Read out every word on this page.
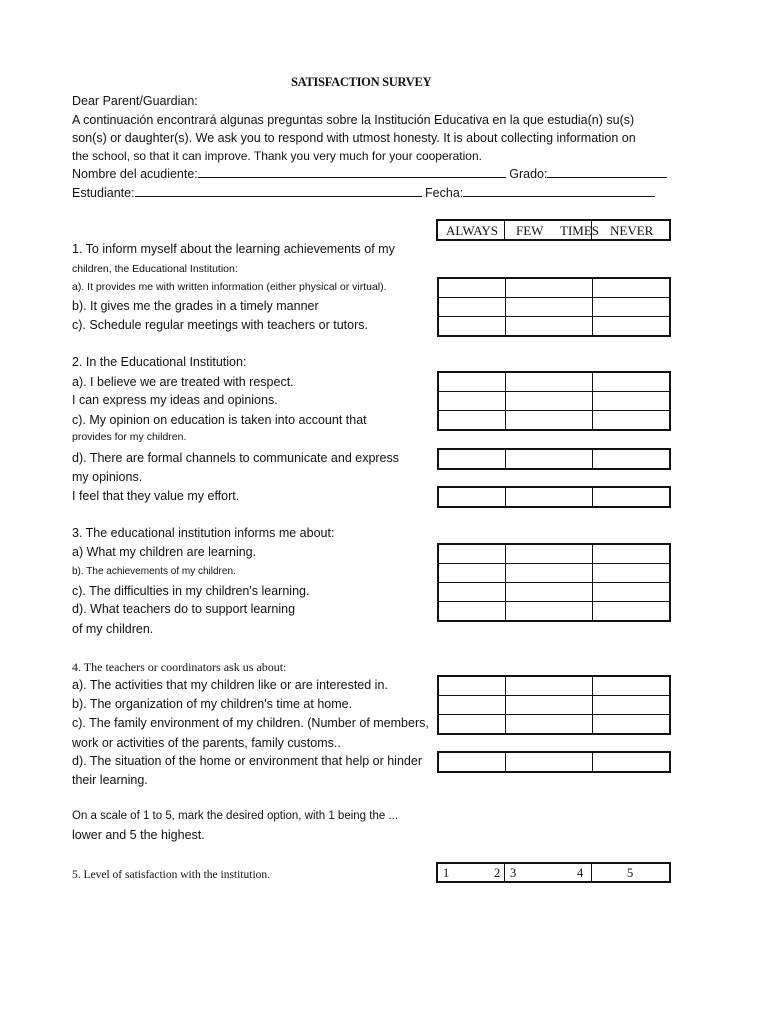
SATISFACTION SURVEY
Dear Parent/Guardian:
A continuación encontrará algunas preguntas sobre la Institución Educativa en la que estudia(n) su(s)
son(s) or daughter(s). We ask you to respond with utmost honesty. It is about collecting information on
the school, so that it can improve. Thank you very much for your cooperation.
Nombre del acudiente:	Grado:
Estudiante:	Fecha:
ALWAYS FEW TIMES NEVER
1. To inform myself about the learning achievements of my
children, the Educational Institution:
a). It provides me with written information (either physical or virtual).
b). It gives me the grades in a timely manner
c). Schedule regular meetings with teachers or tutors.
2. In the Educational Institution:
a). I believe we are treated with respect.
I can express my ideas and opinions.
c). My opinion on education is taken into account that
provides for my children.
d). There are formal channels to communicate and express
my opinions.
I feel that they value my effort.
3. The educational institution informs me about:
a) What my children are learning.
b). The achievements of my children.
c). The difficulties in my children's learning.
d). What teachers do to support learning
of my children.
4. The teachers or coordinators ask us about:
a). The activities that my children like or are interested in.
b). The organization of my children's time at home.
c). The family environment of my children. (Number of members,
work or activities of the parents, family customs..
d). The situation of the home or environment that help or hinder
their learning.
On a scale of 1 to 5, mark the desired option, with 1 being the ...
lower and 5 the highest.
5. Level of satisfaction with the institution.	1	2 3	4	5
